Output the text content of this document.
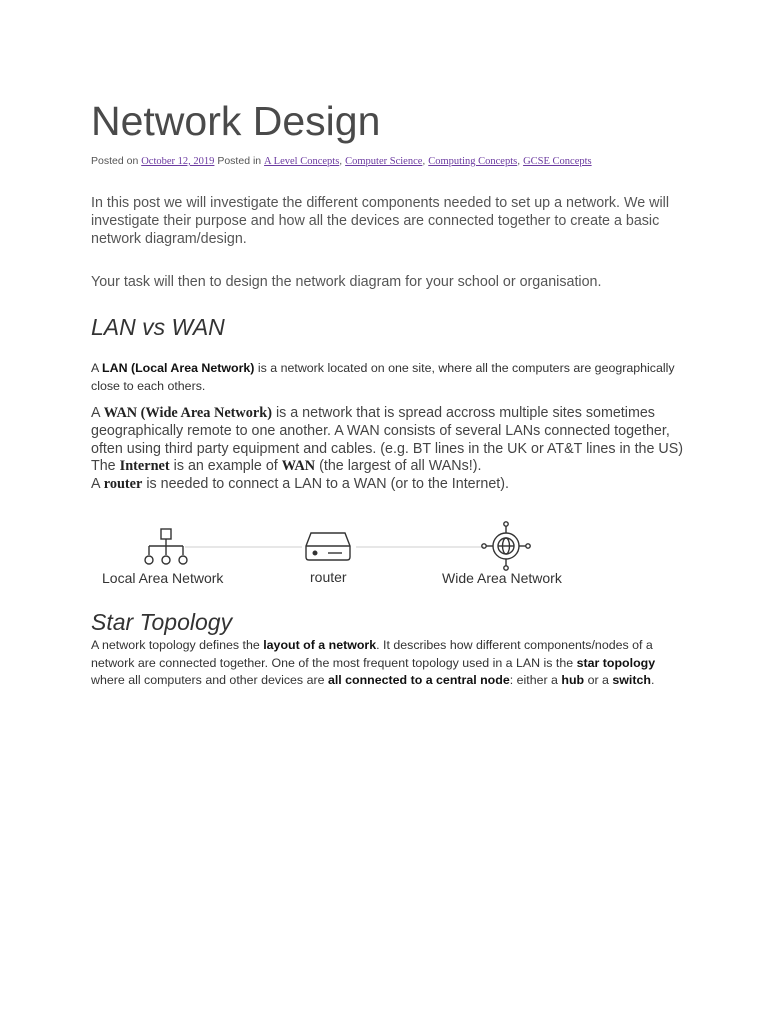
Network Design
Posted on October 12, 2019 Posted in A Level Concepts, Computer Science, Computing Concepts, GCSE Concepts

In this post we will investigate the different components needed to set up a network. We will investigate their purpose and how all the devices are connected together to create a basic network diagram/design.

Your task will then to design the network diagram for your school or organisation.

LAN vs WAN

A LAN (Local Area Network) is a network located on one site, where all the computers are geographically close to each others.

A WAN (Wide Area Network) is a network that is spread accross multiple sites sometimes geographically remote to one another. A WAN consists of several LANs connected together, often using third party equipment and cables. (e.g. BT lines in the UK or AT&T lines in the US)
The Internet is an example of WAN (the largest of all WANs!).
A router is needed to connect a LAN to a WAN (or to the Internet).

Star Topology

A network topology defines the layout of a network. It describes how different components/nodes of a network are connected together. One of the most frequent topology used in a LAN is the star topology where all computers and other devices are all connected to a central node: either a hub or a switch.

Local Area Network	router	Wide Area Network
